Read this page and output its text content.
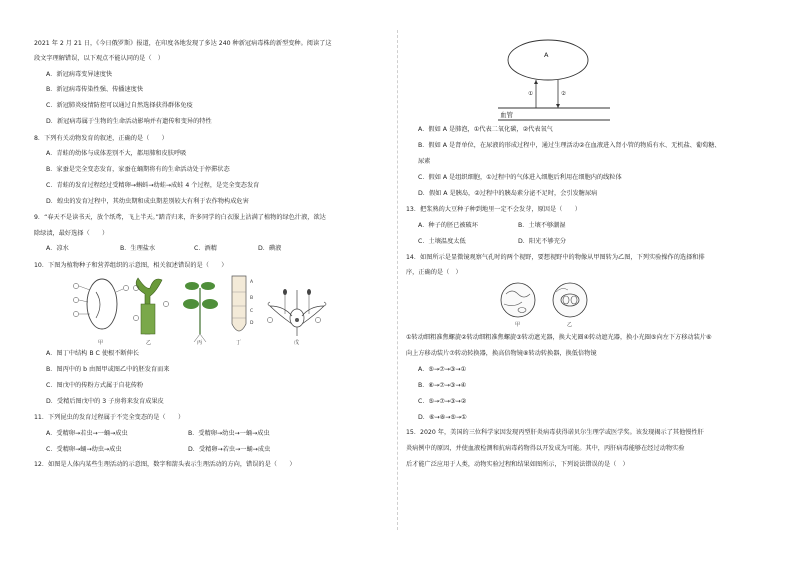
2021 年 2 月 21 日，《今日俄罗斯》报道，在印度各地发现了多达 240 种新冠病毒株的新型变种。阅读了这
段文字理解错误，以下观点不能认同的是（　）
A．新冠病毒变异速度快
B．新冠病毒传染性强、传播速度快
C．新冠肺炎疫情防控可以通过自然选择获得群体免疫
D．新冠病毒属于生物的生命活动影响并有遗传和变异的特性
8．下列有关动物发育的叙述，正确的是（　　）
A．青蛙的幼体与成体差别不大，都用肺和皮肤呼吸
B．家蚕是完全变态发育，家蚕在蛹期将有的生命活动处于停滞状态
C．青蛙的发育过程经过受精卵→蝌蚪→幼蛙→成蛙 4 个过程，是完全变态发育
D．蝗虫的发育过程中，其幼虫期和成虫期差别较大有利于农作物构成危害
9．“春天不是读书天，放个纸鸢，飞上半天。”踏青归来，许多同学的白衣服上沾满了植物的绿色汁液，欲达
除绿渍，最好选择（　　）
A．凉水	B．生理盐水	C．酒精	D．碘液
10．下图为植物种子和营养组织的示意图，相关叙述错误的是（　　）
A
B
C
D
甲	乙	丙	丁	戊
A．图丁中结构 B C 使根不断伸长
B．图丙中的 b 由图甲或图乙中的胚发育而来
C．图戊中的传粉方式属于自花传粉
D．受精后图戊中的 3 子房将来发育成果皮
11．下列昆虫的发育过程属于不完全变态的是（　　）
A．受精卵→若虫→一蛹→成虫	B．受精卵→幼虫→一蛹→成虫
C．受精卵→蛹→幼虫→成虫	D．受精卵→若虫→一蛹→成虫
12．如图是人体内某些生理活动的示意图，数字和箭头表示生理活动的方向，错误的是（　　）
A
①	②
血管
A．假如 A 是肺泡，①代表二氧化碳，②代表氧气
B．假如 A 是肾单位，在尿液的形成过程中，通过生理活动②在血液进入肾小管的物质有水、无机盐、葡萄糖、
尿素
C．假如 A 是组织细胞，①过程中的气体进入细胞后利用在细胞内的线粒体
D．假如 A 是胰岛，②过程中的胰岛素分泌不足时，会引发糖尿病
13．把浆熟的大豆种子种到地里一定不会发芽，原因是（　　）
A．种子的胚已被破坏	B．土壤不够潮湿
C．土壤温度太低	D．阳光不够充分
14．如图所示是显微镜观察气孔时的两个视野，要想视野中的物像从甲图转为乙图，下列实验操作的选择和排
序，正确的是（　）
甲	乙
①转动细粗准焦螺旋②转动细粗准焦螺旋③转动遮光器，换大光圈④转动遮光器，换小光圈⑤向左下方移动装片⑥
向上方移动装片⑦转动转换器，换高倍物镜⑧转动转换器，换低倍物镜
A．⑤→⑦→③→①
B．⑥→⑦→③→④
C．⑤→⑦→③→②
D．⑥→⑧→⑤→①
15．2020 年，美国的三位科学家因发现丙型肝炎病毒获得诺贝尔生理学或医学奖。该发现揭示了其他慢性肝
炎病例中的原因，并使血液检测和抗病毒药物得以开发成为可能。其中，丙肝病毒能够在经过动物实验
后才能广泛应用于人类，动物实验过程和结果如图所示，下列说法错误的是（　）
